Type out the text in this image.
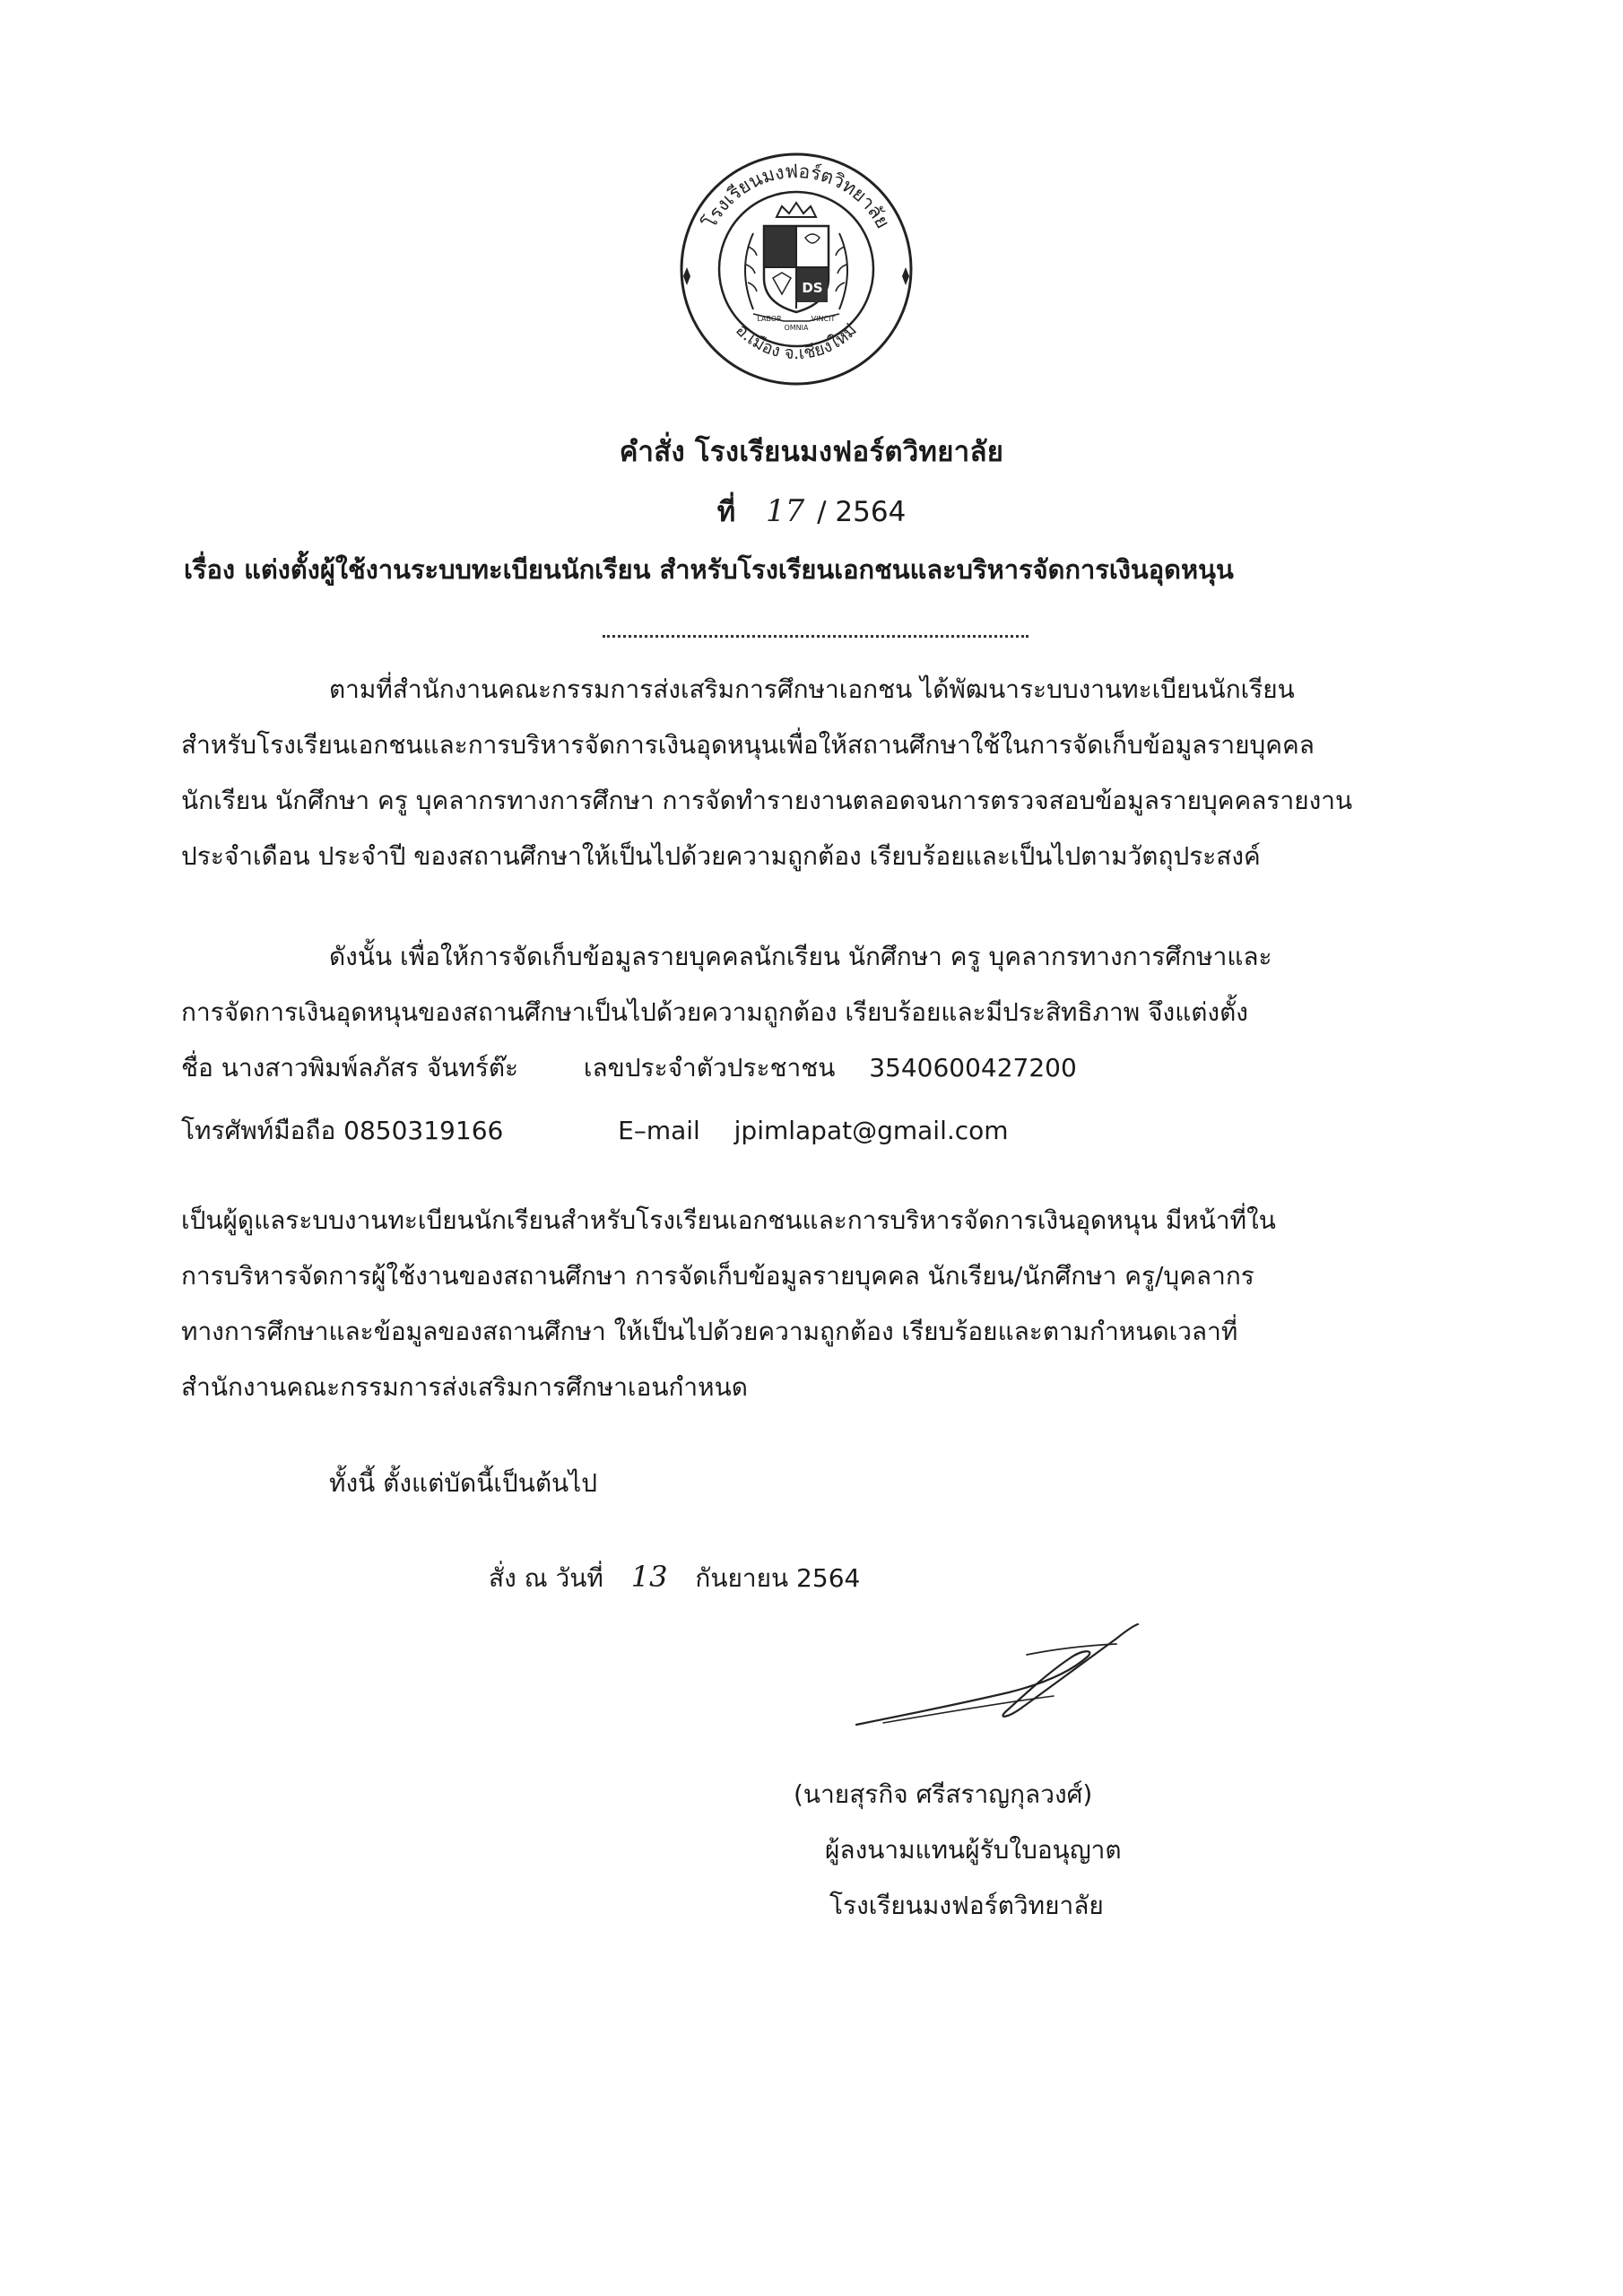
โรงเรียนมงฟอร์ตวิทยาลัย
อ.เมือง จ.เชียงใหม่
DS
LABOR
OMNIA
VINCIT
คำสั่ง โรงเรียนมงฟอร์ตวิทยาลัย
ที่ 17 / 2564
เรื่อง แต่งตั้งผู้ใช้งานระบบทะเบียนนักเรียน สำหรับโรงเรียนเอกชนและบริหารจัดการเงินอุดหนุน
ตามที่สำนักงานคณะกรรมการส่งเสริมการศึกษาเอกชน ได้พัฒนาระบบงานทะเบียนนักเรียน
สำหรับโรงเรียนเอกชนและการบริหารจัดการเงินอุดหนุนเพื่อให้สถานศึกษาใช้ในการจัดเก็บข้อมูลรายบุคคล
นักเรียน นักศึกษา ครู บุคลากรทางการศึกษา การจัดทำรายงานตลอดจนการตรวจสอบข้อมูลรายบุคคลรายงาน
ประจำเดือน ประจำปี ของสถานศึกษาให้เป็นไปด้วยความถูกต้อง เรียบร้อยและเป็นไปตามวัตถุประสงค์
ดังนั้น เพื่อให้การจัดเก็บข้อมูลรายบุคคลนักเรียน นักศึกษา ครู บุคลากรทางการศึกษาและ
การจัดการเงินอุดหนุนของสถานศึกษาเป็นไปด้วยความถูกต้อง เรียบร้อยและมีประสิทธิภาพ จึงแต่งตั้ง
ชื่อ นางสาวพิมพ์ลภัสร จันทร์ต๊ะ	เลขประจำตัวประชาชน 3540600427200
โทรศัพท์มือถือ 0850319166	E–mail jpimlapat@gmail.com
เป็นผู้ดูแลระบบงานทะเบียนนักเรียนสำหรับโรงเรียนเอกชนและการบริหารจัดการเงินอุดหนุน มีหน้าที่ใน
การบริหารจัดการผู้ใช้งานของสถานศึกษา การจัดเก็บข้อมูลรายบุคคล นักเรียน/นักศึกษา ครู/บุคลากร
ทางการศึกษาและข้อมูลของสถานศึกษา ให้เป็นไปด้วยความถูกต้อง เรียบร้อยและตามกำหนดเวลาที่
สำนักงานคณะกรรมการส่งเสริมการศึกษาเอนกำหนด
ทั้งนี้ ตั้งแต่บัดนี้เป็นต้นไป
สั่ง ณ วันที่ 13 กันยายน 2564
(นายสุรกิจ ศรีสราญกุลวงศ์)
ผู้ลงนามแทนผู้รับใบอนุญาต
โรงเรียนมงฟอร์ตวิทยาลัย
